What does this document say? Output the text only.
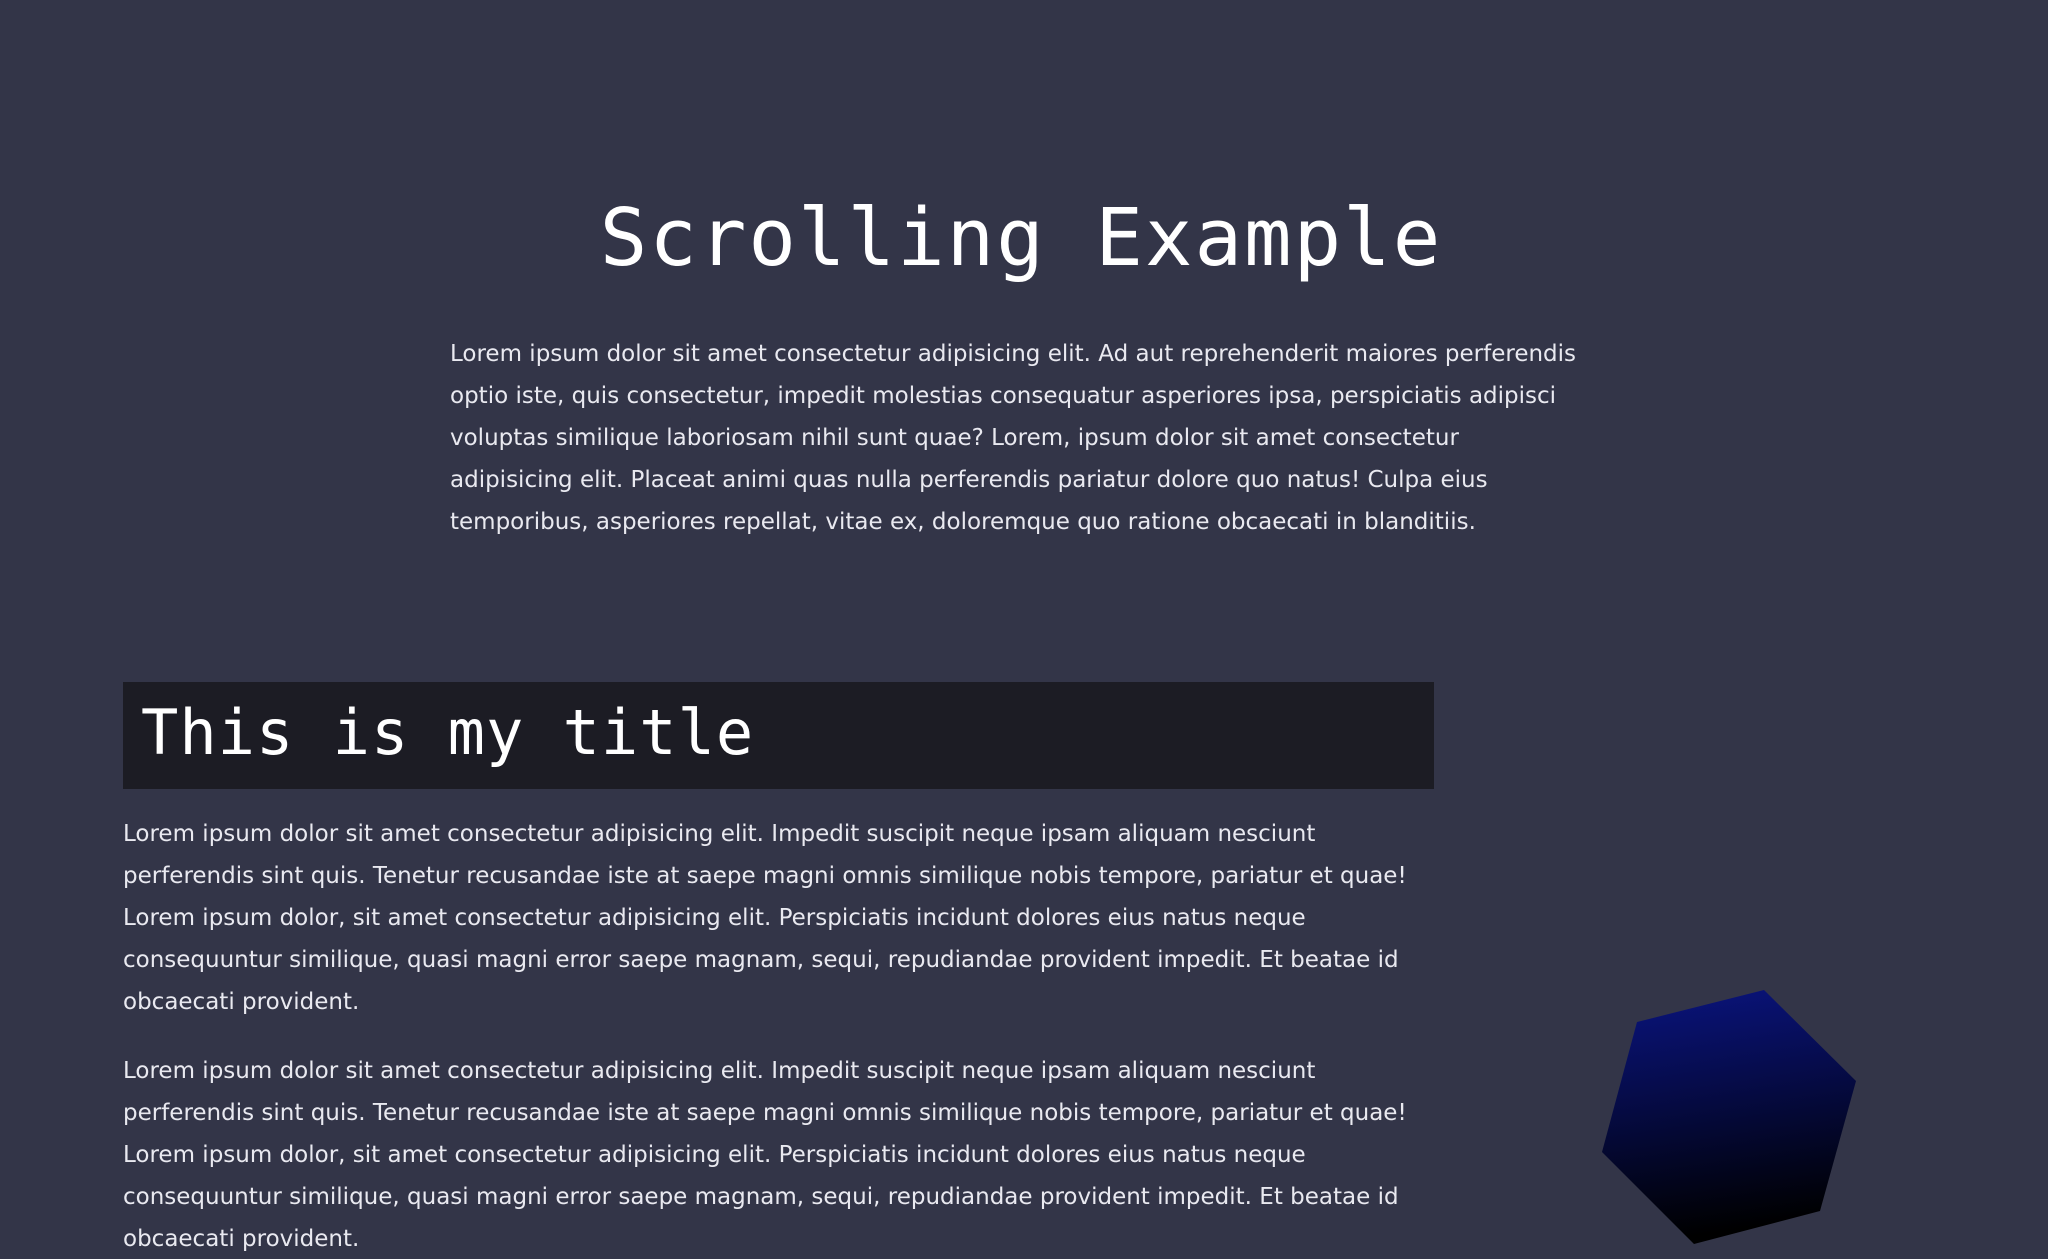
Scrolling Example

Lorem ipsum dolor sit amet consectetur adipisicing elit. Ad aut reprehenderit maiores perferendis optio iste, quis consectetur, impedit molestias consequatur asperiores ipsa, perspiciatis adipisci voluptas similique laboriosam nihil sunt quae? Lorem, ipsum dolor sit amet consectetur adipisicing elit. Placeat animi quas nulla perferendis pariatur dolore quo natus! Culpa eius temporibus, asperiores repellat, vitae ex, doloremque quo ratione obcaecati in blanditiis.

This is my title

Lorem ipsum dolor sit amet consectetur adipisicing elit. Impedit suscipit neque ipsam aliquam nesciunt perferendis sint quis. Tenetur recusandae iste at saepe magni omnis similique nobis tempore, pariatur et quae! Lorem ipsum dolor, sit amet consectetur adipisicing elit. Perspiciatis incidunt dolores eius natus neque consequuntur similique, quasi magni error saepe magnam, sequi, repudiandae provident impedit. Et beatae id obcaecati provident.

Lorem ipsum dolor sit amet consectetur adipisicing elit. Impedit suscipit neque ipsam aliquam nesciunt perferendis sint quis. Tenetur recusandae iste at saepe magni omnis similique nobis tempore, pariatur et quae! Lorem ipsum dolor, sit amet consectetur adipisicing elit. Perspiciatis incidunt dolores eius natus neque consequuntur similique, quasi magni error saepe magnam, sequi, repudiandae provident impedit. Et beatae id obcaecati provident.
